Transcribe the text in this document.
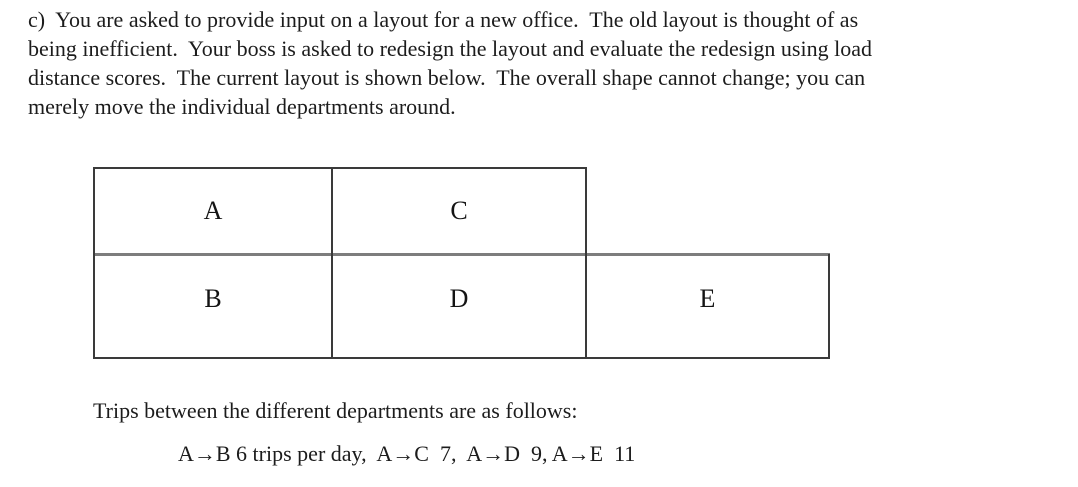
c)  You are asked to provide input on a layout for a new office.  The old layout is thought of as
being inefficient.  Your boss is asked to redesign the layout and evaluate the redesign using load
distance scores.  The current layout is shown below.  The overall shape cannot change; you can
merely move the individual departments around.
A	C
B	D	E
Trips between the different departments are as follows:
A→B 6 trips per day,  A→C  7,  A→D  9, A→E  11
